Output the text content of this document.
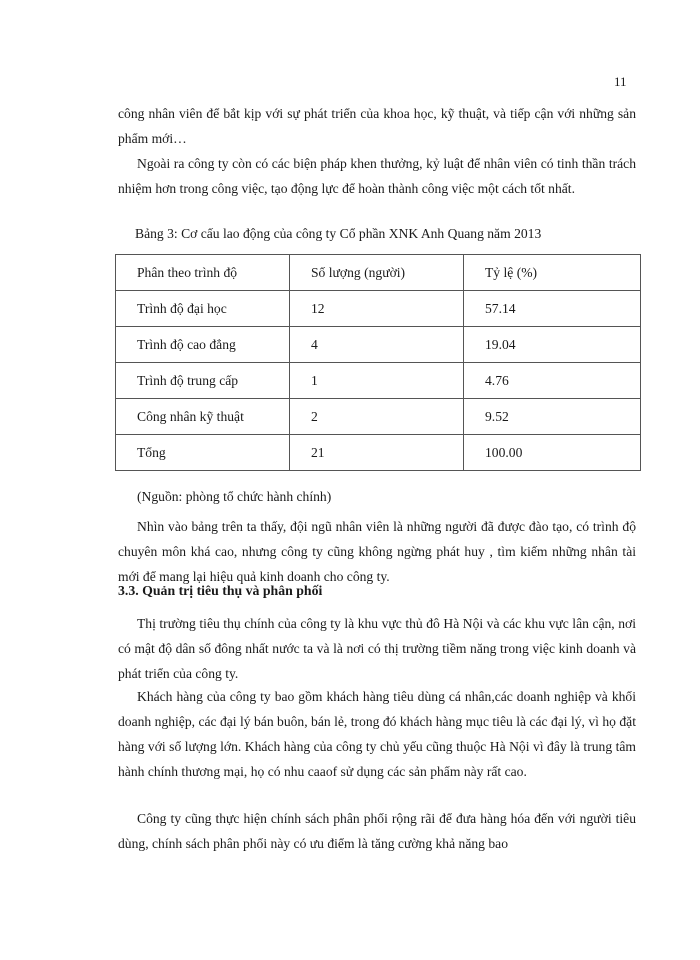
11

công nhân viên để bắt kịp với sự phát triển của khoa học, kỹ thuật, và tiếp cận với những sản phẩm mới…

Ngoài ra công ty còn có các biện pháp khen thưởng, kỷ luật để nhân viên có tinh thần trách nhiệm hơn trong công việc, tạo động lực để hoàn thành công việc một cách tốt nhất.

Bảng 3: Cơ cấu lao động của công ty Cổ phần XNK Anh Quang năm 2013

Phân theo trình độ	Số lượng (người)	Tỷ lệ (%)
Trình độ đại học	12	57.14
Trình độ cao đẳng	4	19.04
Trình độ trung cấp	1	4.76
Công nhân kỹ thuật	2	9.52
Tổng	21	100.00

(Nguồn: phòng tổ chức hành chính)

Nhìn vào bảng trên ta thấy, đội ngũ nhân viên là những người đã được đào tạo, có trình độ chuyên môn khá cao, nhưng công ty cũng không ngừng phát huy , tìm kiếm những nhân tài mới để mang lại hiệu quả kinh doanh cho công ty.

3.3. Quản trị tiêu thụ và phân phối

Thị trường tiêu thụ chính của công ty là khu vực thủ đô Hà Nội và các khu vực lân cận, nơi có mật độ dân số đông nhất nước ta và là nơi có thị trường tiềm năng trong việc kinh doanh và phát triển của công ty.

Khách hàng của công ty bao gồm khách hàng tiêu dùng cá nhân,các doanh nghiệp và khối doanh nghiệp, các đại lý bán buôn, bán lẻ, trong đó khách hàng mục tiêu là các đại lý, vì họ đặt hàng với số lượng lớn. Khách hàng của công ty chủ yếu cũng thuộc Hà Nội vì đây là trung tâm hành chính thương mại, họ có nhu caaof sử dụng các sản phẩm này rất cao.

Công ty cũng thực hiện chính sách phân phối rộng rãi để đưa hàng hóa đến với người tiêu dùng, chính sách phân phối này có ưu điểm là tăng cường khả năng bao
